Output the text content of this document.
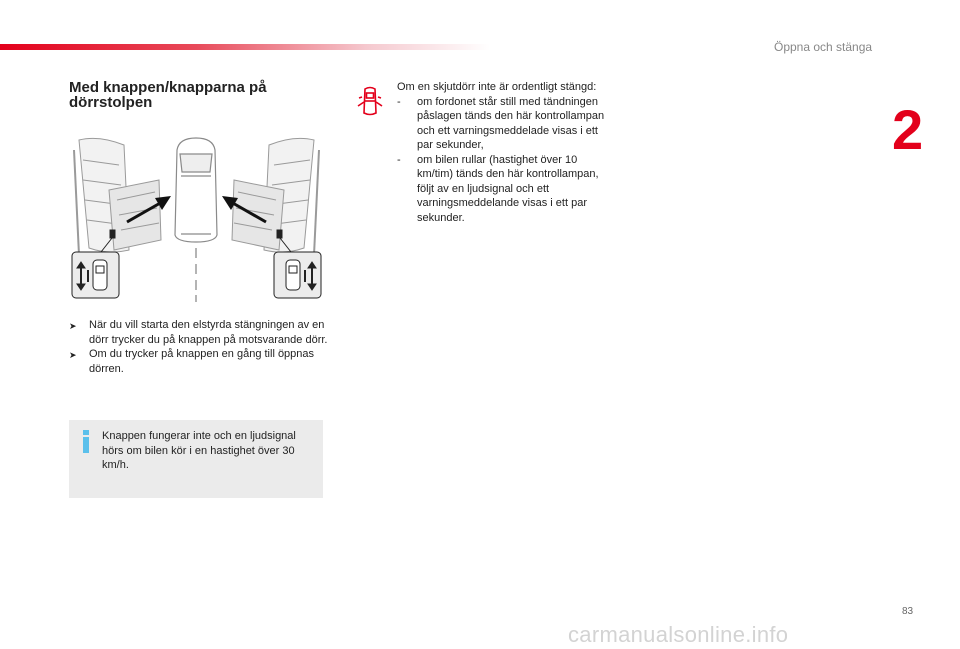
Öppna och stänga
2
Med knappen/knapparna på dörrstolpen
➤	När du vill starta den elstyrda stängningen av en dörr trycker du på knappen på motsvarande dörr.
➤	Om du trycker på knappen en gång till öppnas dörren.
Knappen fungerar inte och en ljudsignal hörs om bilen kör i en hastighet över 30 km/h.
Om en skjutdörr inte är ordentligt stängd:
-	om fordonet står still med tändningen påslagen tänds den här kontrollampan och ett varningsmeddelade visas i ett par sekunder,
-	om bilen rullar (hastighet över 10 km/tim) tänds den här kontrollampan, följt av en ljudsignal och ett varningsmeddelande visas i ett par sekunder.
83
carmanualsonline.info
